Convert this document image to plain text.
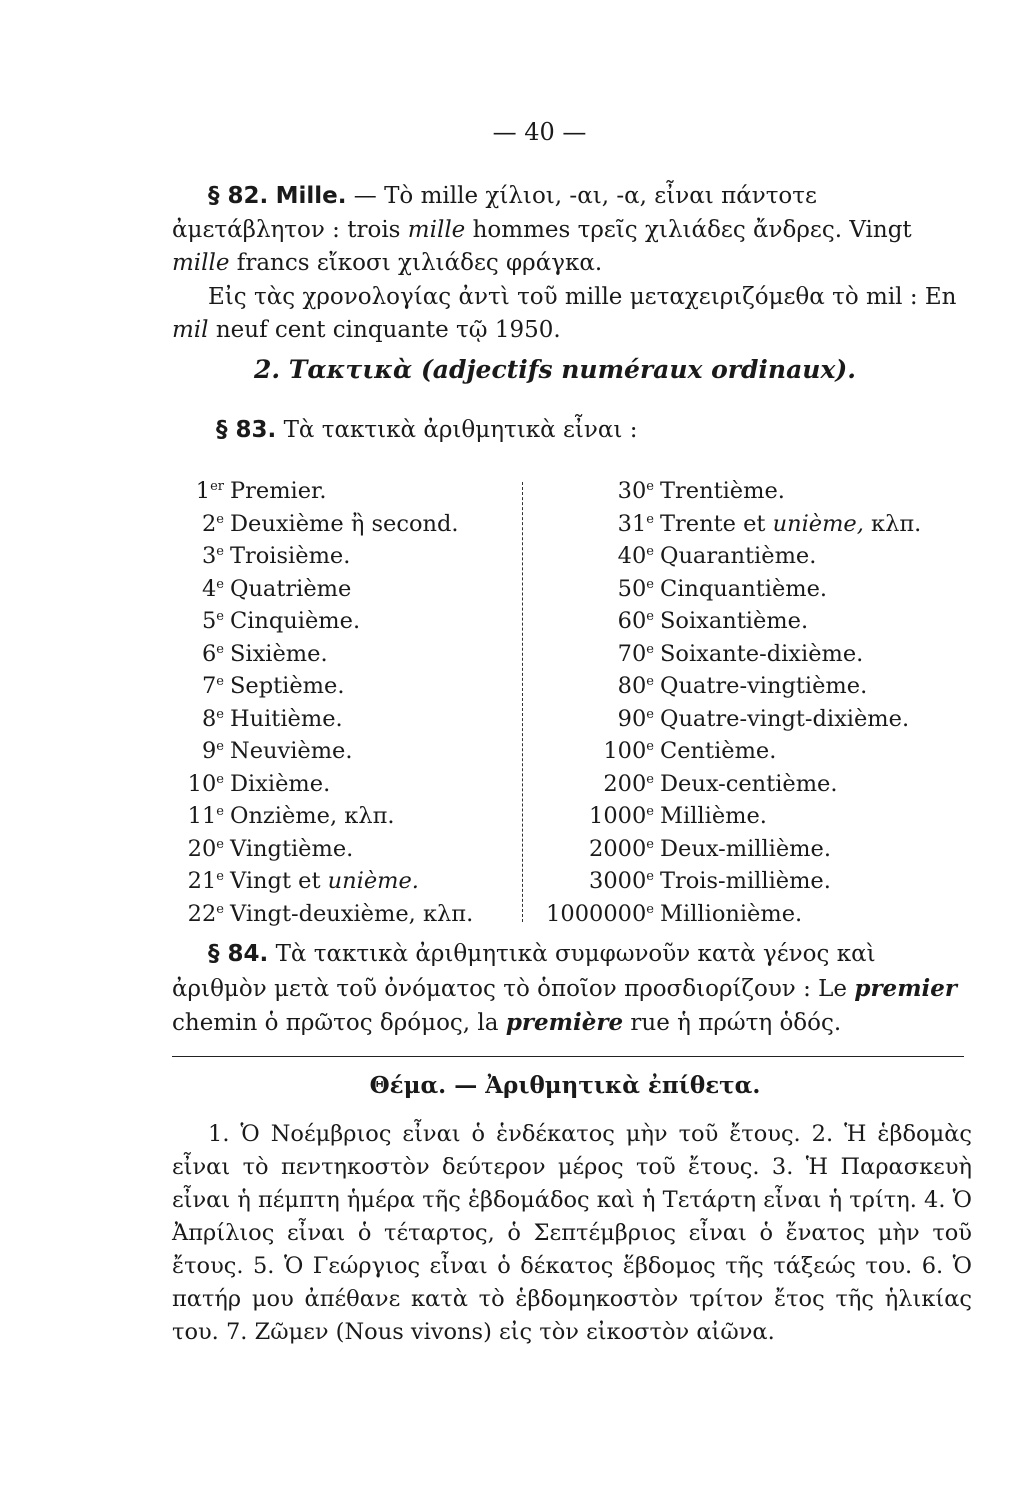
— 40 —
§ 82. Mille. — Τὸ mille χίλιοι, -αι, -α, εἶναι πάντοτε ἀμετάβλητον : trois mille hommes τρεῖς χιλιάδες ἄνδρες. Vingt mille francs εἴκοσι χιλιάδες φράγκα.
Εἰς τὰς χρονολογίας ἀντὶ τοῦ mille μεταχειριζόμεθα τὸ mil : En mil neuf cent cinquante τῷ 1950.
2. Τακτικὰ (adjectifs numéraux ordinaux).
§ 83. Τὰ τακτικὰ ἀριθμητικὰ εἶναι :
1er Premier.
2e Deuxième ἢ second.
3e Troisième.
4e Quatrième
5e Cinquième.
6e Sixième.
7e Septième.
8e Huitième.
9e Neuvième.
10e Dixième.
11e Onzième, κλπ.
20e Vingtième.
21e Vingt et unième.
22e Vingt-deuxième, κλπ.
30e Trentième.
31e Trente et unième, κλπ.
40e Quarantième.
50e Cinquantième.
60e Soixantième.
70e Soixante-dixième.
80e Quatre-vingtième.
90e Quatre-vingt-dixième.
100e Centième.
200e Deux-centième.
1000e Millième.
2000e Deux-millième.
3000e Trois-millième.
1000000e Millionième.
§ 84. Τὰ τακτικὰ ἀριθμητικὰ συμφωνοῦν κατὰ γένος καὶ ἀριθμὸν μετὰ τοῦ ὀνόματος τὸ ὁποῖον προσδιορίζουν : Le premier chemin ὁ πρῶτος δρόμος, la première rue ἡ πρώτη ὁδός.
Θέμα. — Ἀριθμητικὰ ἐπίθετα.
1. Ὁ Νοέμβριος εἶναι ὁ ἑνδέκατος μὴν τοῦ ἔτους. 2. Ἡ ἑβδομὰς εἶναι τὸ πεντηκοστὸν δεύτερον μέρος τοῦ ἔτους. 3. Ἡ Παρασκευὴ εἶναι ἡ πέμπτη ἡμέρα τῆς ἑβδομάδος καὶ ἡ Τετάρτη εἶναι ἡ τρίτη. 4. Ὁ Ἀπρίλιος εἶναι ὁ τέταρτος, ὁ Σεπτέμβριος εἶναι ὁ ἔνατος μὴν τοῦ ἔτους. 5. Ὁ Γεώργιος εἶναι ὁ δέκατος ἕβδομος τῆς τάξεώς του. 6. Ὁ πατήρ μου ἀπέθανε κατὰ τὸ ἑβδομηκοστὸν τρίτον ἔτος τῆς ἡλικίας του. 7. Ζῶμεν (Nous vivons) εἰς τὸν εἰκοστὸν αἰῶνα.
